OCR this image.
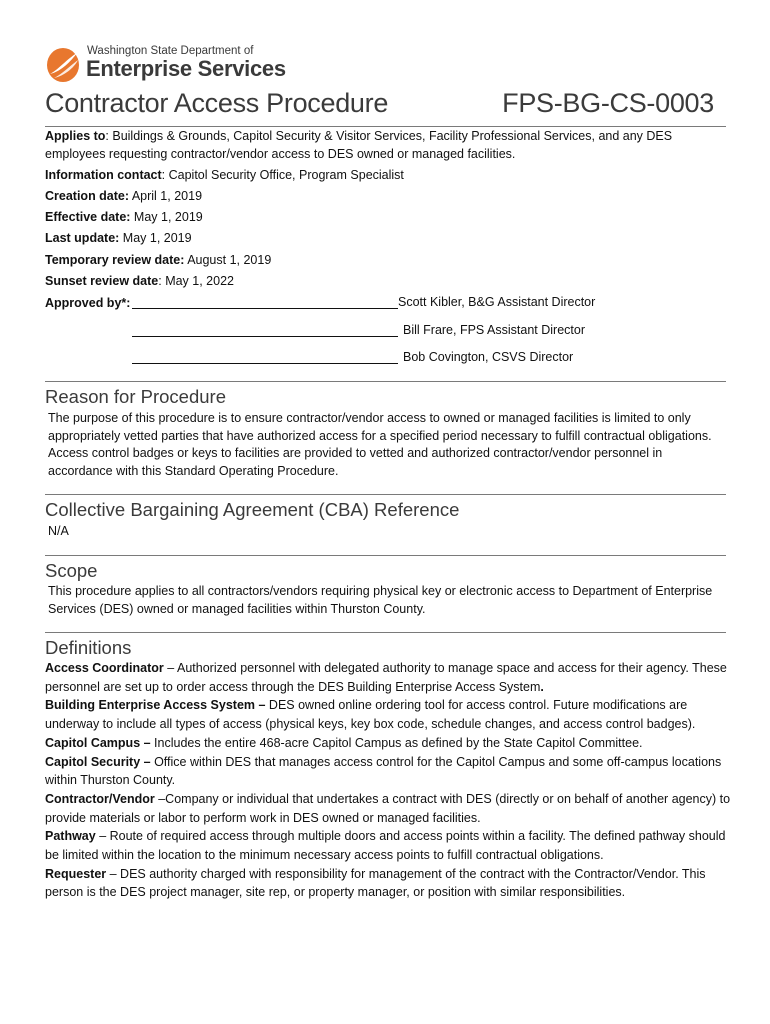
Washington State Department of
Enterprise Services
Contractor Access Procedure	FPS-BG-CS-0003
Applies to: Buildings & Grounds, Capitol Security & Visitor Services, Facility Professional Services, and any DES employees requesting contractor/vendor access to DES owned or managed facilities.
Information contact: Capitol Security Office, Program Specialist
Creation date: April 1, 2019
Effective date: May 1, 2019
Last update: May 1, 2019
Temporary review date: August 1, 2019
Sunset review date: May 1, 2022
Approved by*:	Scott Kibler, B&G Assistant Director
Bill Frare, FPS Assistant Director
Bob Covington, CSVS Director
Reason for Procedure
The purpose of this procedure is to ensure contractor/vendor access to owned or managed facilities is limited to only appropriately vetted parties that have authorized access for a specified period necessary to fulfill contractual obligations. Access control badges or keys to facilities are provided to vetted and authorized contractor/vendor personnel in accordance with this Standard Operating Procedure.
Collective Bargaining Agreement (CBA) Reference
N/A
Scope
This procedure applies to all contractors/vendors requiring physical key or electronic access to Department of Enterprise Services (DES) owned or managed facilities within Thurston County.
Definitions

Access Coordinator – Authorized personnel with delegated authority to manage space and access for their agency. These personnel are set up to order access through the DES Building Enterprise Access System.

Building Enterprise Access System – DES owned online ordering tool for access control. Future modifications are underway to include all types of access (physical keys, key box code, schedule changes, and access control badges).

Capitol Campus – Includes the entire 468-acre Capitol Campus as defined by the State Capitol Committee.

Capitol Security – Office within DES that manages access control for the Capitol Campus and some off-campus locations within Thurston County.

Contractor/Vendor –Company or individual that undertakes a contract with DES (directly or on behalf of another agency) to provide materials or labor to perform work in DES owned or managed facilities.

Pathway – Route of required access through multiple doors and access points within a facility. The defined pathway should be limited within the location to the minimum necessary access points to fulfill contractual obligations.

Requester – DES authority charged with responsibility for management of the contract with the Contractor/Vendor. This person is the DES project manager, site rep, or property manager, or position with similar responsibilities.
